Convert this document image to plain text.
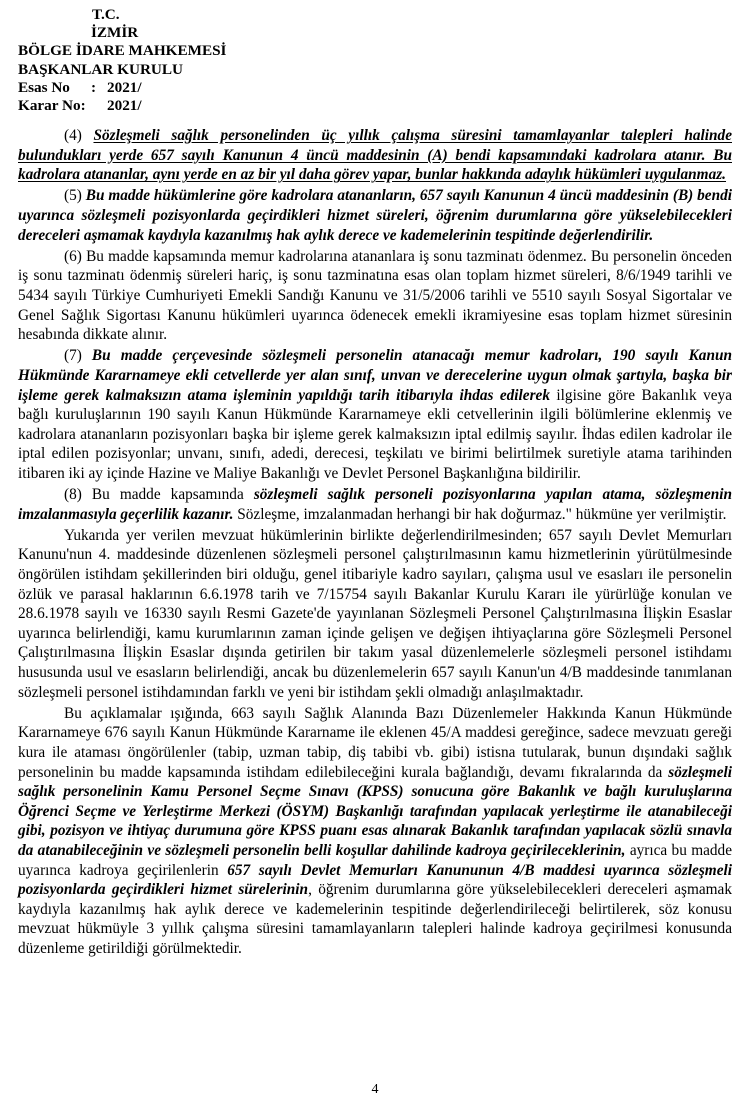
T.C.
İZMİR
BÖLGE İDARE MAHKEMESİ
BAŞKANLAR KURULU
Esas No	: 2021/
Karar No:	2021/

(4) Sözleşmeli sağlık personelinden üç yıllık çalışma süresini tamamlayanlar talepleri halinde bulundukları yerde 657 sayılı Kanunun 4 üncü maddesinin (A) bendi kapsamındaki kadrolara atanır. Bu kadrolara atananlar, aynı yerde en az bir yıl daha görev yapar, bunlar hakkında adaylık hükümleri uygulanmaz.

(5) Bu madde hükümlerine göre kadrolara atananların, 657 sayılı Kanunun 4 üncü maddesinin (B) bendi uyarınca sözleşmeli pozisyonlarda geçirdikleri hizmet süreleri, öğrenim durumlarına göre yükselebilecekleri dereceleri aşmamak kaydıyla kazanılmış hak aylık derece ve kademelerinin tespitinde değerlendirilir.

(6) Bu madde kapsamında memur kadrolarına atananlara iş sonu tazminatı ödenmez. Bu personelin önceden iş sonu tazminatı ödenmiş süreleri hariç, iş sonu tazminatına esas olan toplam hizmet süreleri, 8/6/1949 tarihli ve 5434 sayılı Türkiye Cumhuriyeti Emekli Sandığı Kanunu ve 31/5/2006 tarihli ve 5510 sayılı Sosyal Sigortalar ve Genel Sağlık Sigortası Kanunu hükümleri uyarınca ödenecek emekli ikramiyesine esas toplam hizmet süresinin hesabında dikkate alınır.

(7) Bu madde çerçevesinde sözleşmeli personelin atanacağı memur kadroları, 190 sayılı Kanun Hükmünde Kararnameye ekli cetvellerde yer alan sınıf, unvan ve derecelerine uygun olmak şartıyla, başka bir işleme gerek kalmaksızın atama işleminin yapıldığı tarih itibarıyla ihdas edilerek ilgisine göre Bakanlık veya bağlı kuruluşlarının 190 sayılı Kanun Hükmünde Kararnameye ekli cetvellerinin ilgili bölümlerine eklenmiş ve kadrolara atananların pozisyonları başka bir işleme gerek kalmaksızın iptal edilmiş sayılır. İhdas edilen kadrolar ile iptal edilen pozisyonlar; unvanı, sınıfı, adedi, derecesi, teşkilatı ve birimi belirtilmek suretiyle atama tarihinden itibaren iki ay içinde Hazine ve Maliye Bakanlığı ve Devlet Personel Başkanlığına bildirilir.

(8) Bu madde kapsamında sözleşmeli sağlık personeli pozisyonlarına yapılan atama, sözleşmenin imzalanmasıyla geçerlilik kazanır. Sözleşme, imzalanmadan herhangi bir hak doğurmaz." hükmüne yer verilmiştir.

Yukarıda yer verilen mevzuat hükümlerinin birlikte değerlendirilmesinden; 657 sayılı Devlet Memurları Kanunu'nun 4. maddesinde düzenlenen sözleşmeli personel çalıştırılmasının kamu hizmetlerinin yürütülmesinde öngörülen istihdam şekillerinden biri olduğu, genel itibariyle kadro sayıları, çalışma usul ve esasları ile personelin özlük ve parasal haklarının 6.6.1978 tarih ve 7/15754 sayılı Bakanlar Kurulu Kararı ile yürürlüğe konulan ve 28.6.1978 sayılı ve 16330 sayılı Resmi Gazete'de yayınlanan Sözleşmeli Personel Çalıştırılmasına İlişkin Esaslar uyarınca belirlendiği, kamu kurumlarının zaman içinde gelişen ve değişen ihtiyaçlarına göre Sözleşmeli Personel Çalıştırılmasına İlişkin Esaslar dışında getirilen bir takım yasal düzenlemelerle sözleşmeli personel istihdamı hususunda usul ve esasların belirlendiği, ancak bu düzenlemelerin 657 sayılı Kanun'un 4/B maddesinde tanımlanan sözleşmeli personel istihdamından farklı ve yeni bir istihdam şekli olmadığı anlaşılmaktadır.

Bu açıklamalar ışığında, 663 sayılı Sağlık Alanında Bazı Düzenlemeler Hakkında Kanun Hükmünde Kararnameye 676 sayılı Kanun Hükmünde Kararname ile eklenen 45/A maddesi gereğince, sadece mevzuatı gereği kura ile ataması öngörülenler (tabip, uzman tabip, diş tabibi vb. gibi) istisna tutularak, bunun dışındaki sağlık personelinin bu madde kapsamında istihdam edilebileceğini kurala bağlandığı, devamı fıkralarında da sözleşmeli sağlık personelinin Kamu Personel Seçme Sınavı (KPSS) sonucuna göre Bakanlık ve bağlı kuruluşlarına Öğrenci Seçme ve Yerleştirme Merkezi (ÖSYM) Başkanlığı tarafından yapılacak yerleştirme ile atanabileceği gibi, pozisyon ve ihtiyaç durumuna göre KPSS puanı esas alınarak Bakanlık tarafından yapılacak sözlü sınavla da atanabileceğinin ve sözleşmeli personelin belli koşullar dahilinde kadroya geçirileceklerinin, ayrıca bu madde uyarınca kadroya geçirilenlerin 657 sayılı Devlet Memurları Kanununun 4/B maddesi uyarınca sözleşmeli pozisyonlarda geçirdikleri hizmet sürelerinin, öğrenim durumlarına göre yükselebilecekleri dereceleri aşmamak kaydıyla kazanılmış hak aylık derece ve kademelerinin tespitinde değerlendirileceği belirtilerek, söz konusu mevzuat hükmüyle 3 yıllık çalışma süresini tamamlayanların talepleri halinde kadroya geçirilmesi konusunda düzenleme getirildiği görülmektedir.

4
